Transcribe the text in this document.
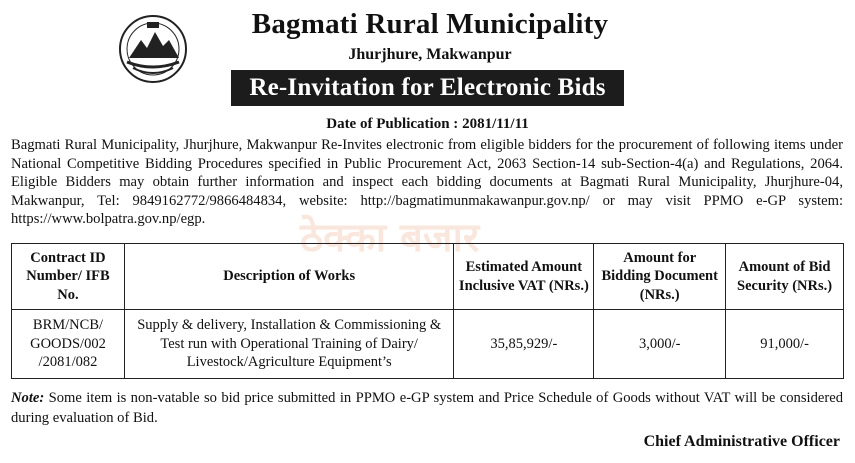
Bagmati Rural Municipality
Jhurjhure, Makwanpur
Re-Invitation for Electronic Bids
Date of Publication : 2081/11/11
Bagmati Rural Municipality, Jhurjhure, Makwanpur Re-Invites electronic from eligible bidders for the procurement of following items under National Competitive Bidding Procedures specified in Public Procurement Act, 2063 Section-14 sub-Section-4(a) and Regulations, 2064. Eligible Bidders may obtain further information and inspect each bidding documents at Bagmati Rural Municipality, Jhurjhure-04, Makwanpur, Tel: 9849162772/9866484834, website: http://bagmatimunmakawanpur.gov.np/ or may visit PPMO e-GP system: https://www.bolpatra.gov.np/egp.	ठेक्का बजार
Contract ID Number/ IFB No.	Description of Works	Estimated Amount Inclusive VAT (NRs.)	Amount for Bidding Document (NRs.)	Amount of Bid Security (NRs.)
BRM/NCB/ GOODS/002 /2081/082	Supply & delivery, Installation & Commissioning & Test run with Operational Training of Dairy/ Livestock/Agriculture Equipment’s	35,85,929/-	3,000/-	91,000/-
Note: Some item is non-vatable so bid price submitted in PPMO e-GP system and Price Schedule of Goods without VAT will be considered during evaluation of Bid.
Chief Administrative Officer
